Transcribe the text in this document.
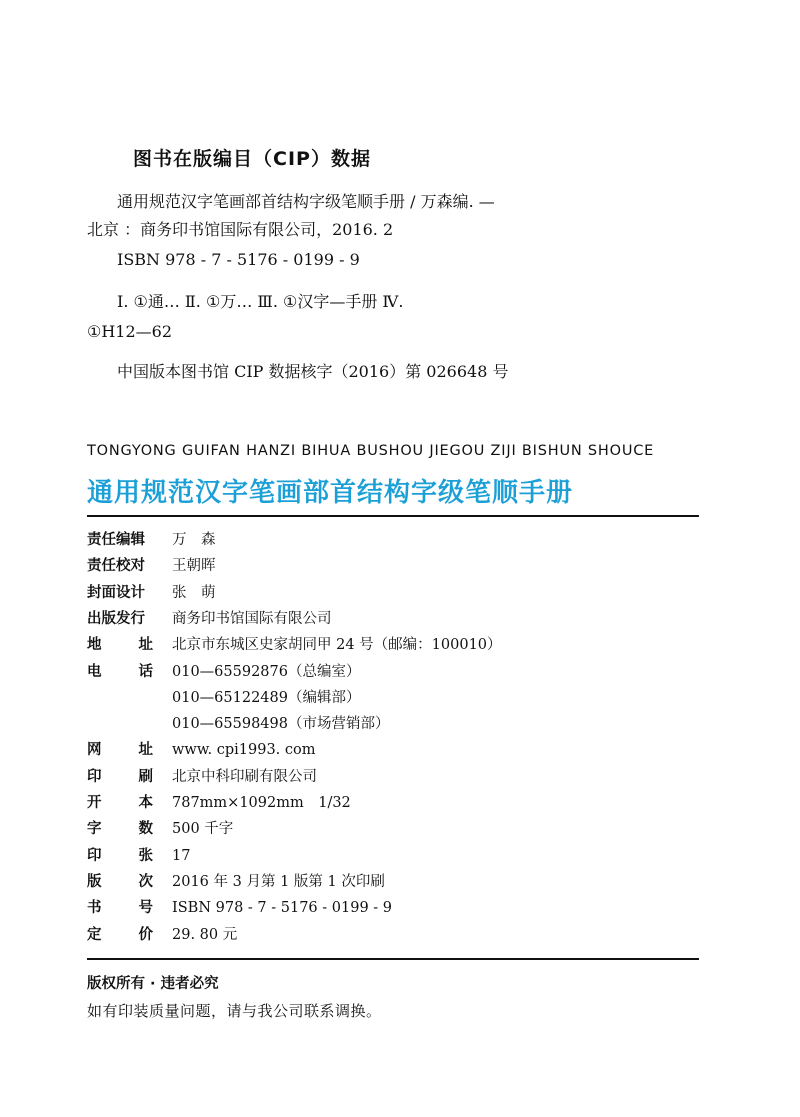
图书在版编目（CIP）数据
通用规范汉字笔画部首结构字级笔顺手册 / 万森编. —
北京 ：商务印书馆国际有限公司，2016. 2
ISBN 978 - 7 - 5176 - 0199 - 9
Ⅰ. ①通… Ⅱ. ①万… Ⅲ. ①汉字—手册 Ⅳ.
①H12—62
中国版本图书馆 CIP 数据核字（2016）第 026648 号
TONGYONG GUIFAN HANZI BIHUA BUSHOU JIEGOU ZIJI BISHUN SHOUCE
通用规范汉字笔画部首结构字级笔顺手册
责任编辑	万　森
责任校对	王朝晖
封面设计	张　萌
出版发行	商务印书馆国际有限公司
地	址 北京市东城区史家胡同甲 24 号（邮编：100010）
电	话 010—65592876（总编室）
010—65122489（编辑部）
010—65598498（市场营销部）
网	址 www. cpi1993. com
印	刷 北京中科印刷有限公司
开	本 787mm×1092mm　1/32
字	数 500 千字
印	张 17
版	次 2016 年 3 月第 1 版第 1 次印刷
书	号 ISBN 978 - 7 - 5176 - 0199 - 9
定	价 29. 80 元
版权所有 · 违者必究
如有印装质量问题，请与我公司联系调换。
